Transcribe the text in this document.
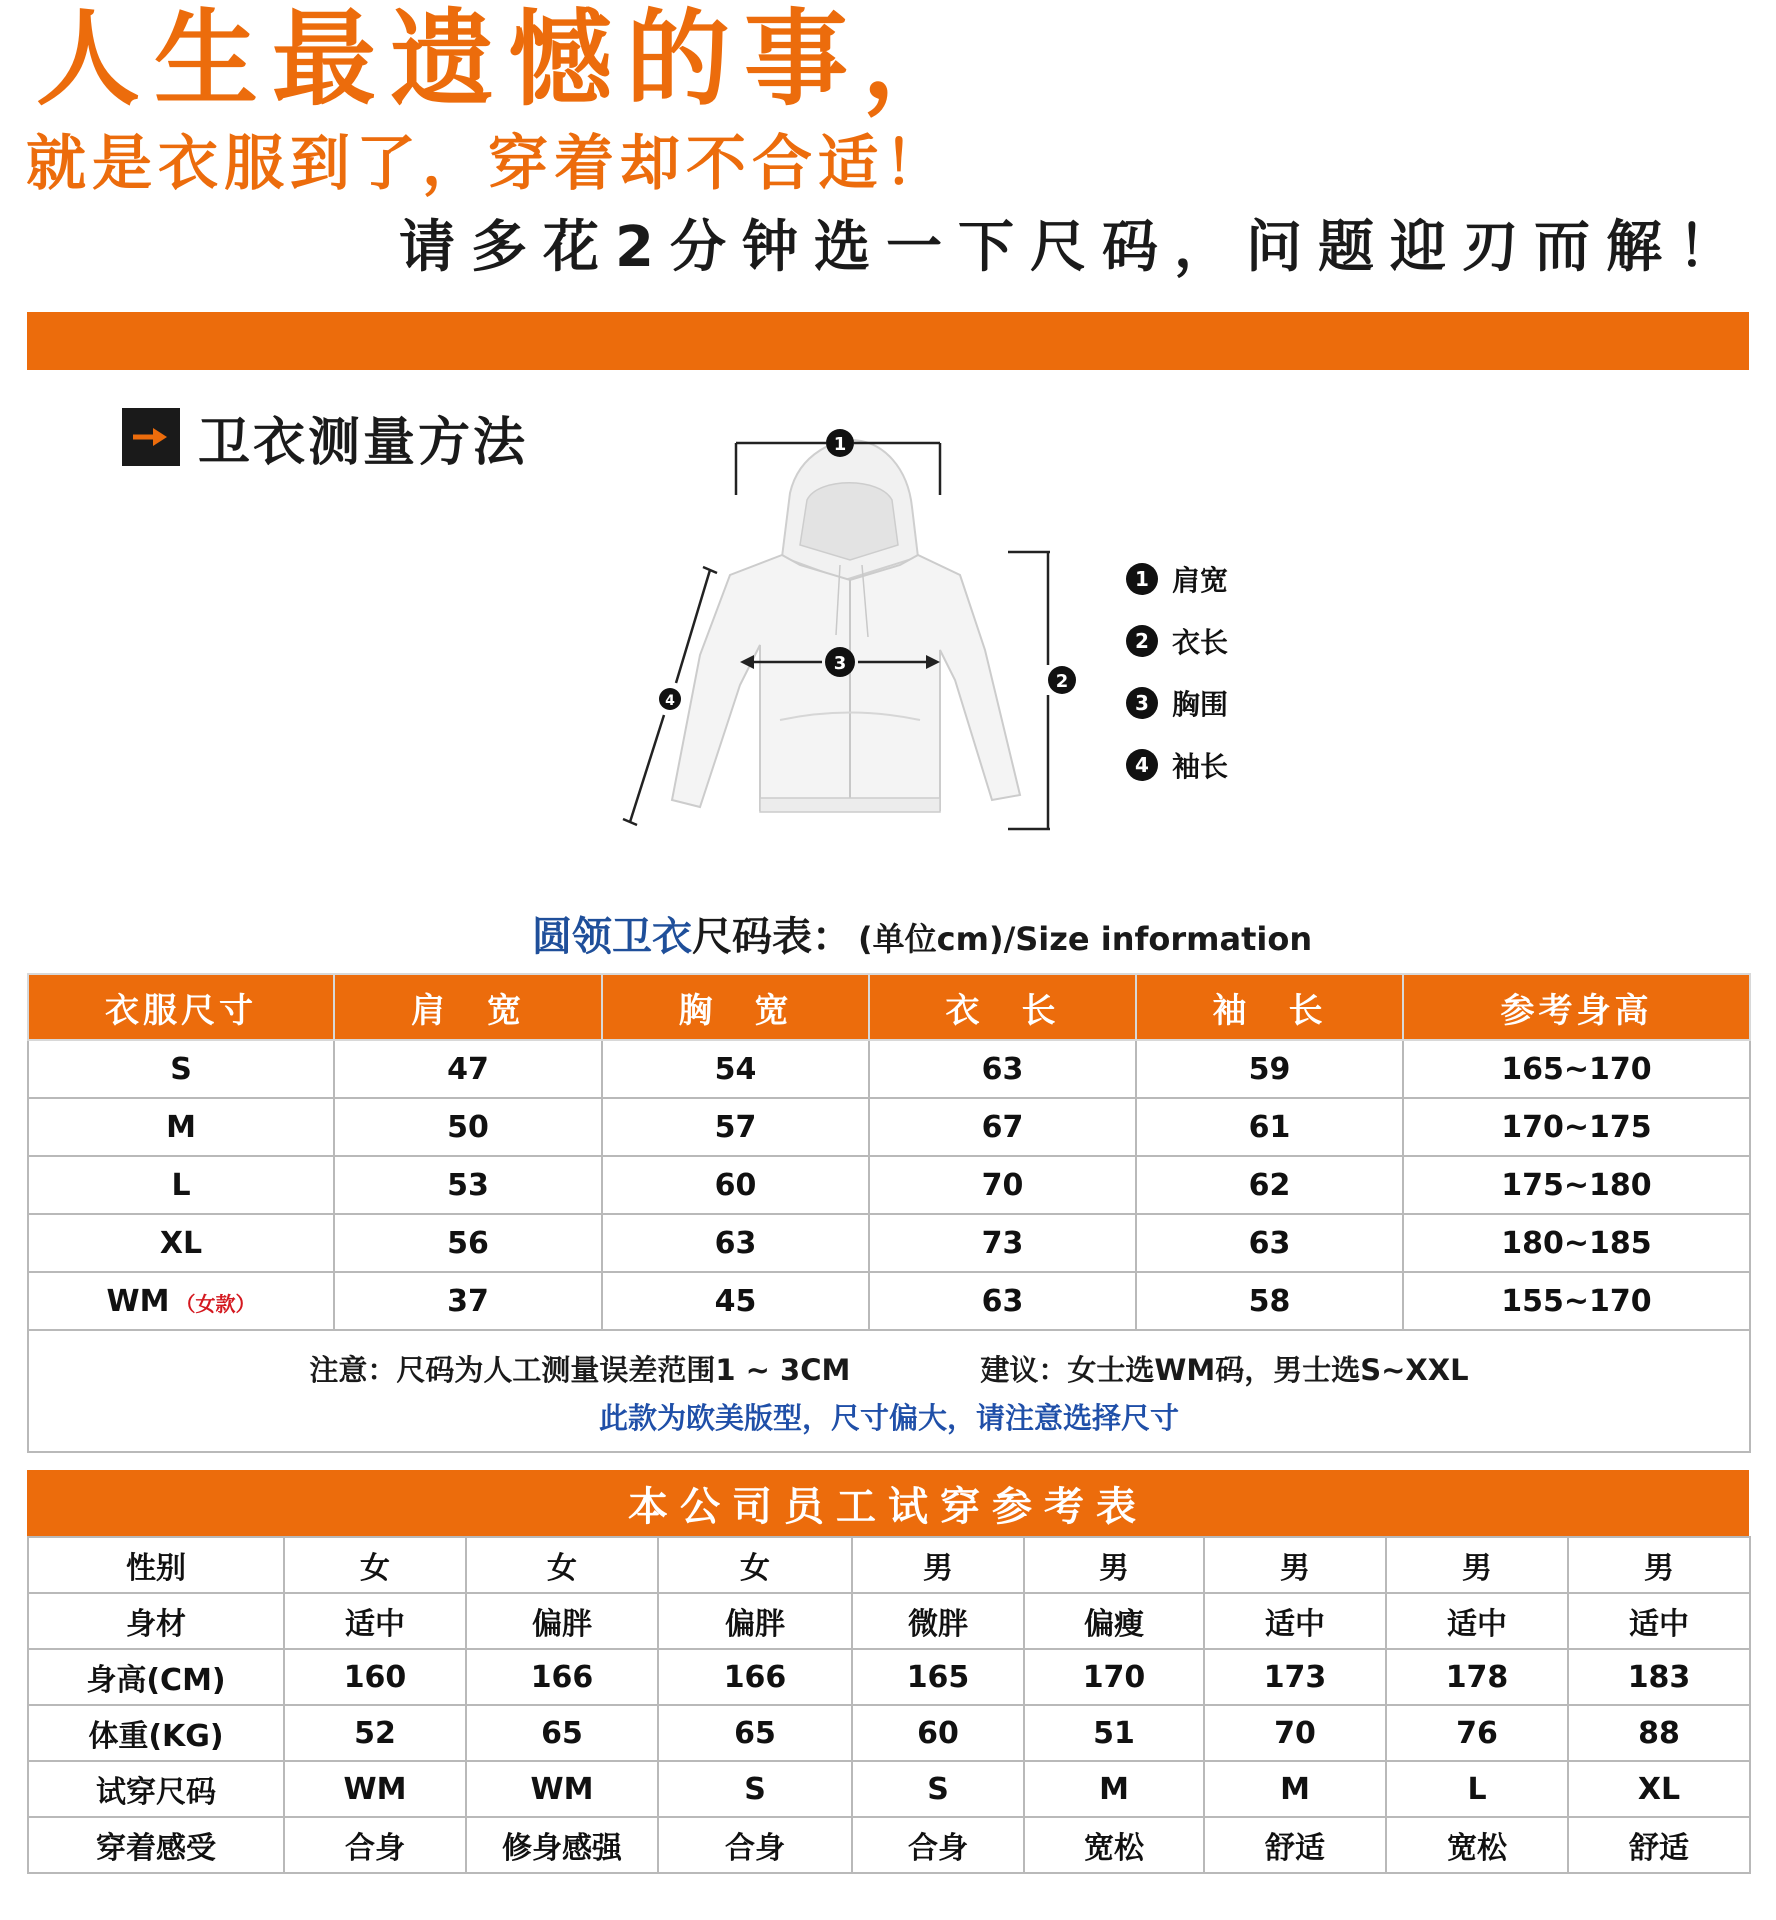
人生最遗憾的事，
就是衣服到了，穿着却不合适！
请多花2分钟选一下尺码，问题迎刃而解！
卫衣测量方法	1
2
3
4
1 肩宽
2 衣长
3 胸围
4 袖长
圆领卫衣 尺码表： (单位cm)/Size information
衣服尺寸	肩　宽	胸　宽	衣　长	袖　长	参考身高
S	47	54	63	59	165~170
M	50	57	67	61	170~175
L	53	60	70	62	175~180
XL	56	63	73	63	180~185
WM （女款）	37	45	63	58	155~170

注意：尺码为人工测量误差范围1 ~ 3CM 建议：女士选WM码，男士选S~XXL
此款为欧美版型，尺寸偏大，请注意选择尺寸					
本公司员工试穿参考表
性别	女	女	女	男	男	男	男	男
身材	适中	偏胖	偏胖	微胖	偏瘦	适中	适中	适中
身高(CM)	160	166	166	165	170	173	178	183
体重(KG)	52	65	65	60	51	70	76	88
试穿尺码	WM	WM	S	S	M	M	L	XL
穿着感受	合身	修身感强	合身	合身	宽松	舒适	宽松	舒适
